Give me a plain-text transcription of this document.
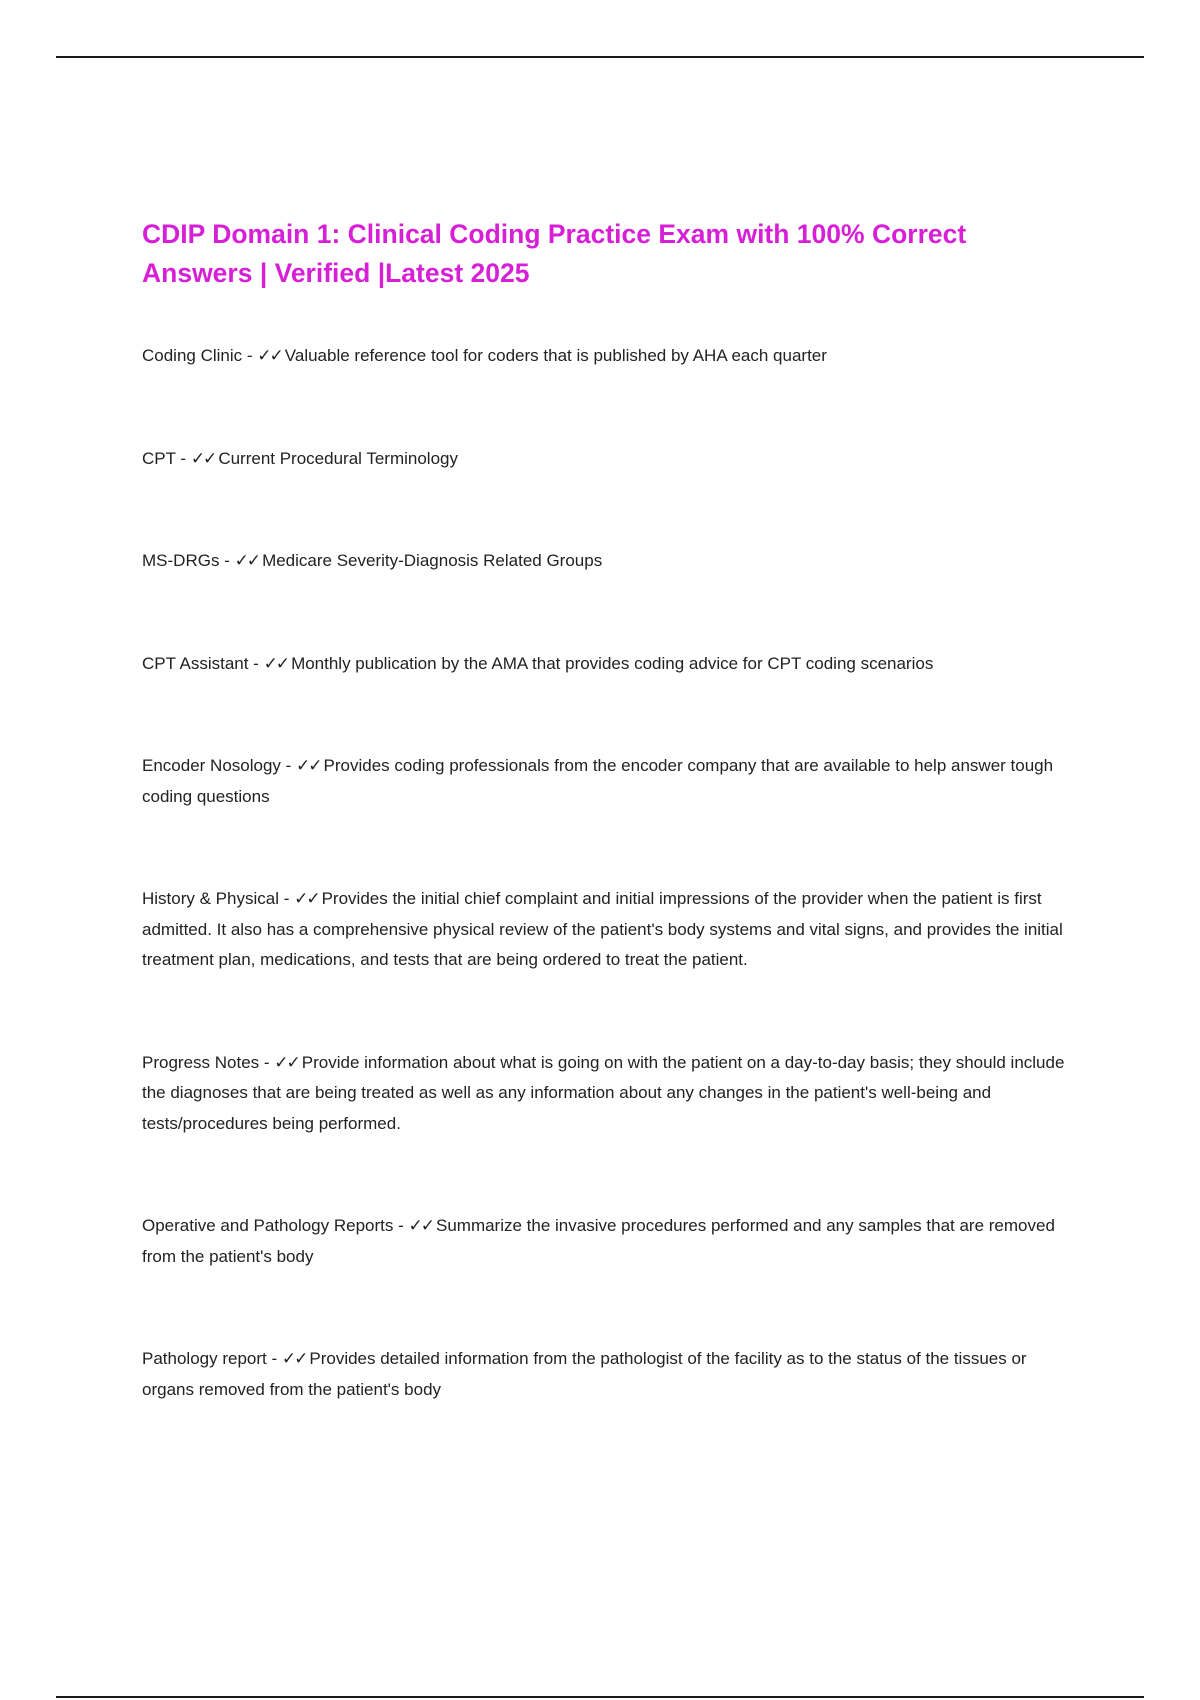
CDIP Domain 1: Clinical Coding Practice Exam with 100% Correct Answers | Verified |Latest 2025
Coding Clinic - ✓✓ Valuable reference tool for coders that is published by AHA each quarter
CPT - ✓✓ Current Procedural Terminology
MS-DRGs - ✓✓ Medicare Severity-Diagnosis Related Groups
CPT Assistant - ✓✓ Monthly publication by the AMA that provides coding advice for CPT coding scenarios
Encoder Nosology - ✓✓ Provides coding professionals from the encoder company that are available to help answer tough coding questions
History & Physical - ✓✓ Provides the initial chief complaint and initial impressions of the provider when the patient is first admitted. It also has a comprehensive physical review of the patient's body systems and vital signs, and provides the initial treatment plan, medications, and tests that are being ordered to treat the patient.
Progress Notes - ✓✓ Provide information about what is going on with the patient on a day-to-day basis; they should include the diagnoses that are being treated as well as any information about any changes in the patient's well-being and tests/procedures being performed.
Operative and Pathology Reports - ✓✓ Summarize the invasive procedures performed and any samples that are removed from the patient's body
Pathology report - ✓✓ Provides detailed information from the pathologist of the facility as to the status of the tissues or organs removed from the patient's body
